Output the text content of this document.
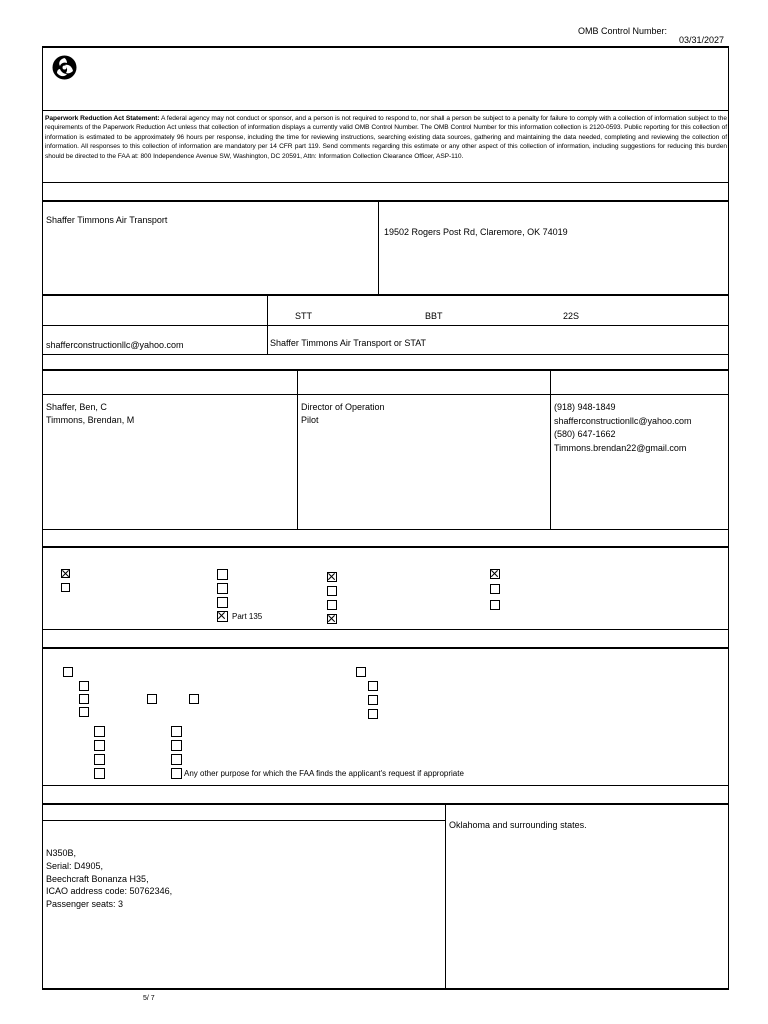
OMB Control Number:
03/31/2027
Paperwork Reduction Act Statement: A federal agency may not conduct or sponsor, and a person is not required to respond to, nor shall a person be subject to a penalty for failure to comply with a collection of information subject to the requirements of the Paperwork Reduction Act unless that collection of information displays a currently valid OMB Control Number. The OMB Control Number for this information collection is 2120-0593. Public reporting for this collection of information is estimated to be approximately 96 hours per response, including the time for reviewing instructions, searching existing data sources, gathering and maintaining the data needed, completing and reviewing the collection of information. All responses to this collection of information are mandatory per 14 CFR part 119. Send comments regarding this estimate or any other aspect of this collection of information, including suggestions for reducing this burden should be directed to the FAA at: 800 Independence Avenue SW, Washington, DC 20591, Attn: Information Collection Clearance Officer, ASP-110.
Shaffer Timmons Air Transport
19502 Rogers Post Rd, Claremore, OK 74019
STT	BBT	22S
shafferconstructionllc@yahoo.com	Shaffer Timmons Air Transport or STAT
Shaffer, Ben, C
Timmons, Brendan, M
Director of Operation
Pilot
(918) 948-1849
shafferconstructionllc@yahoo.com
(580) 647-1662
Timmons.brendan22@gmail.com
Part 135
Any other purpose for which the FAA finds the applicant's request if appropriate
N350B,
Serial: D4905,
Beechcraft Bonanza H35,
ICAO address code: 50762346,
Passenger seats: 3
Oklahoma and surrounding states.
5/ 7
